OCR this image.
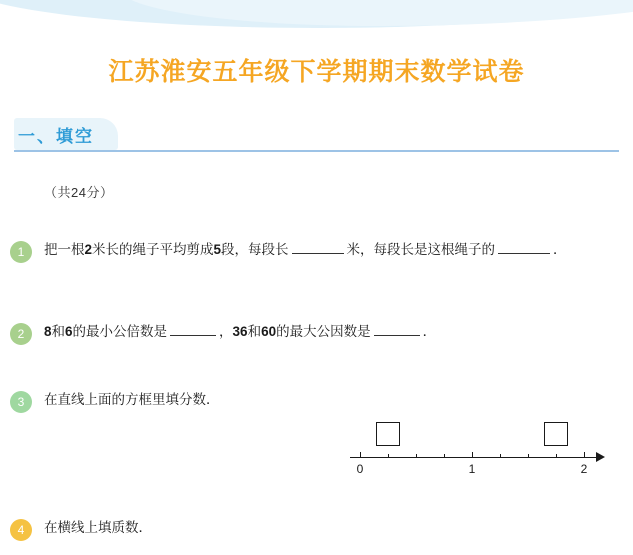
江苏淮安五年级下学期期末数学试卷
一、填空
（共24分）
1	把一根2米长的绳子平均剪成5段，每段长	米，每段长是这根绳子的	．
2	8和6的最小公倍数是	，36和60的最大公因数是	．
3	在直线上面的方框里填分数．
0	1	2
4	在横线上填质数．
